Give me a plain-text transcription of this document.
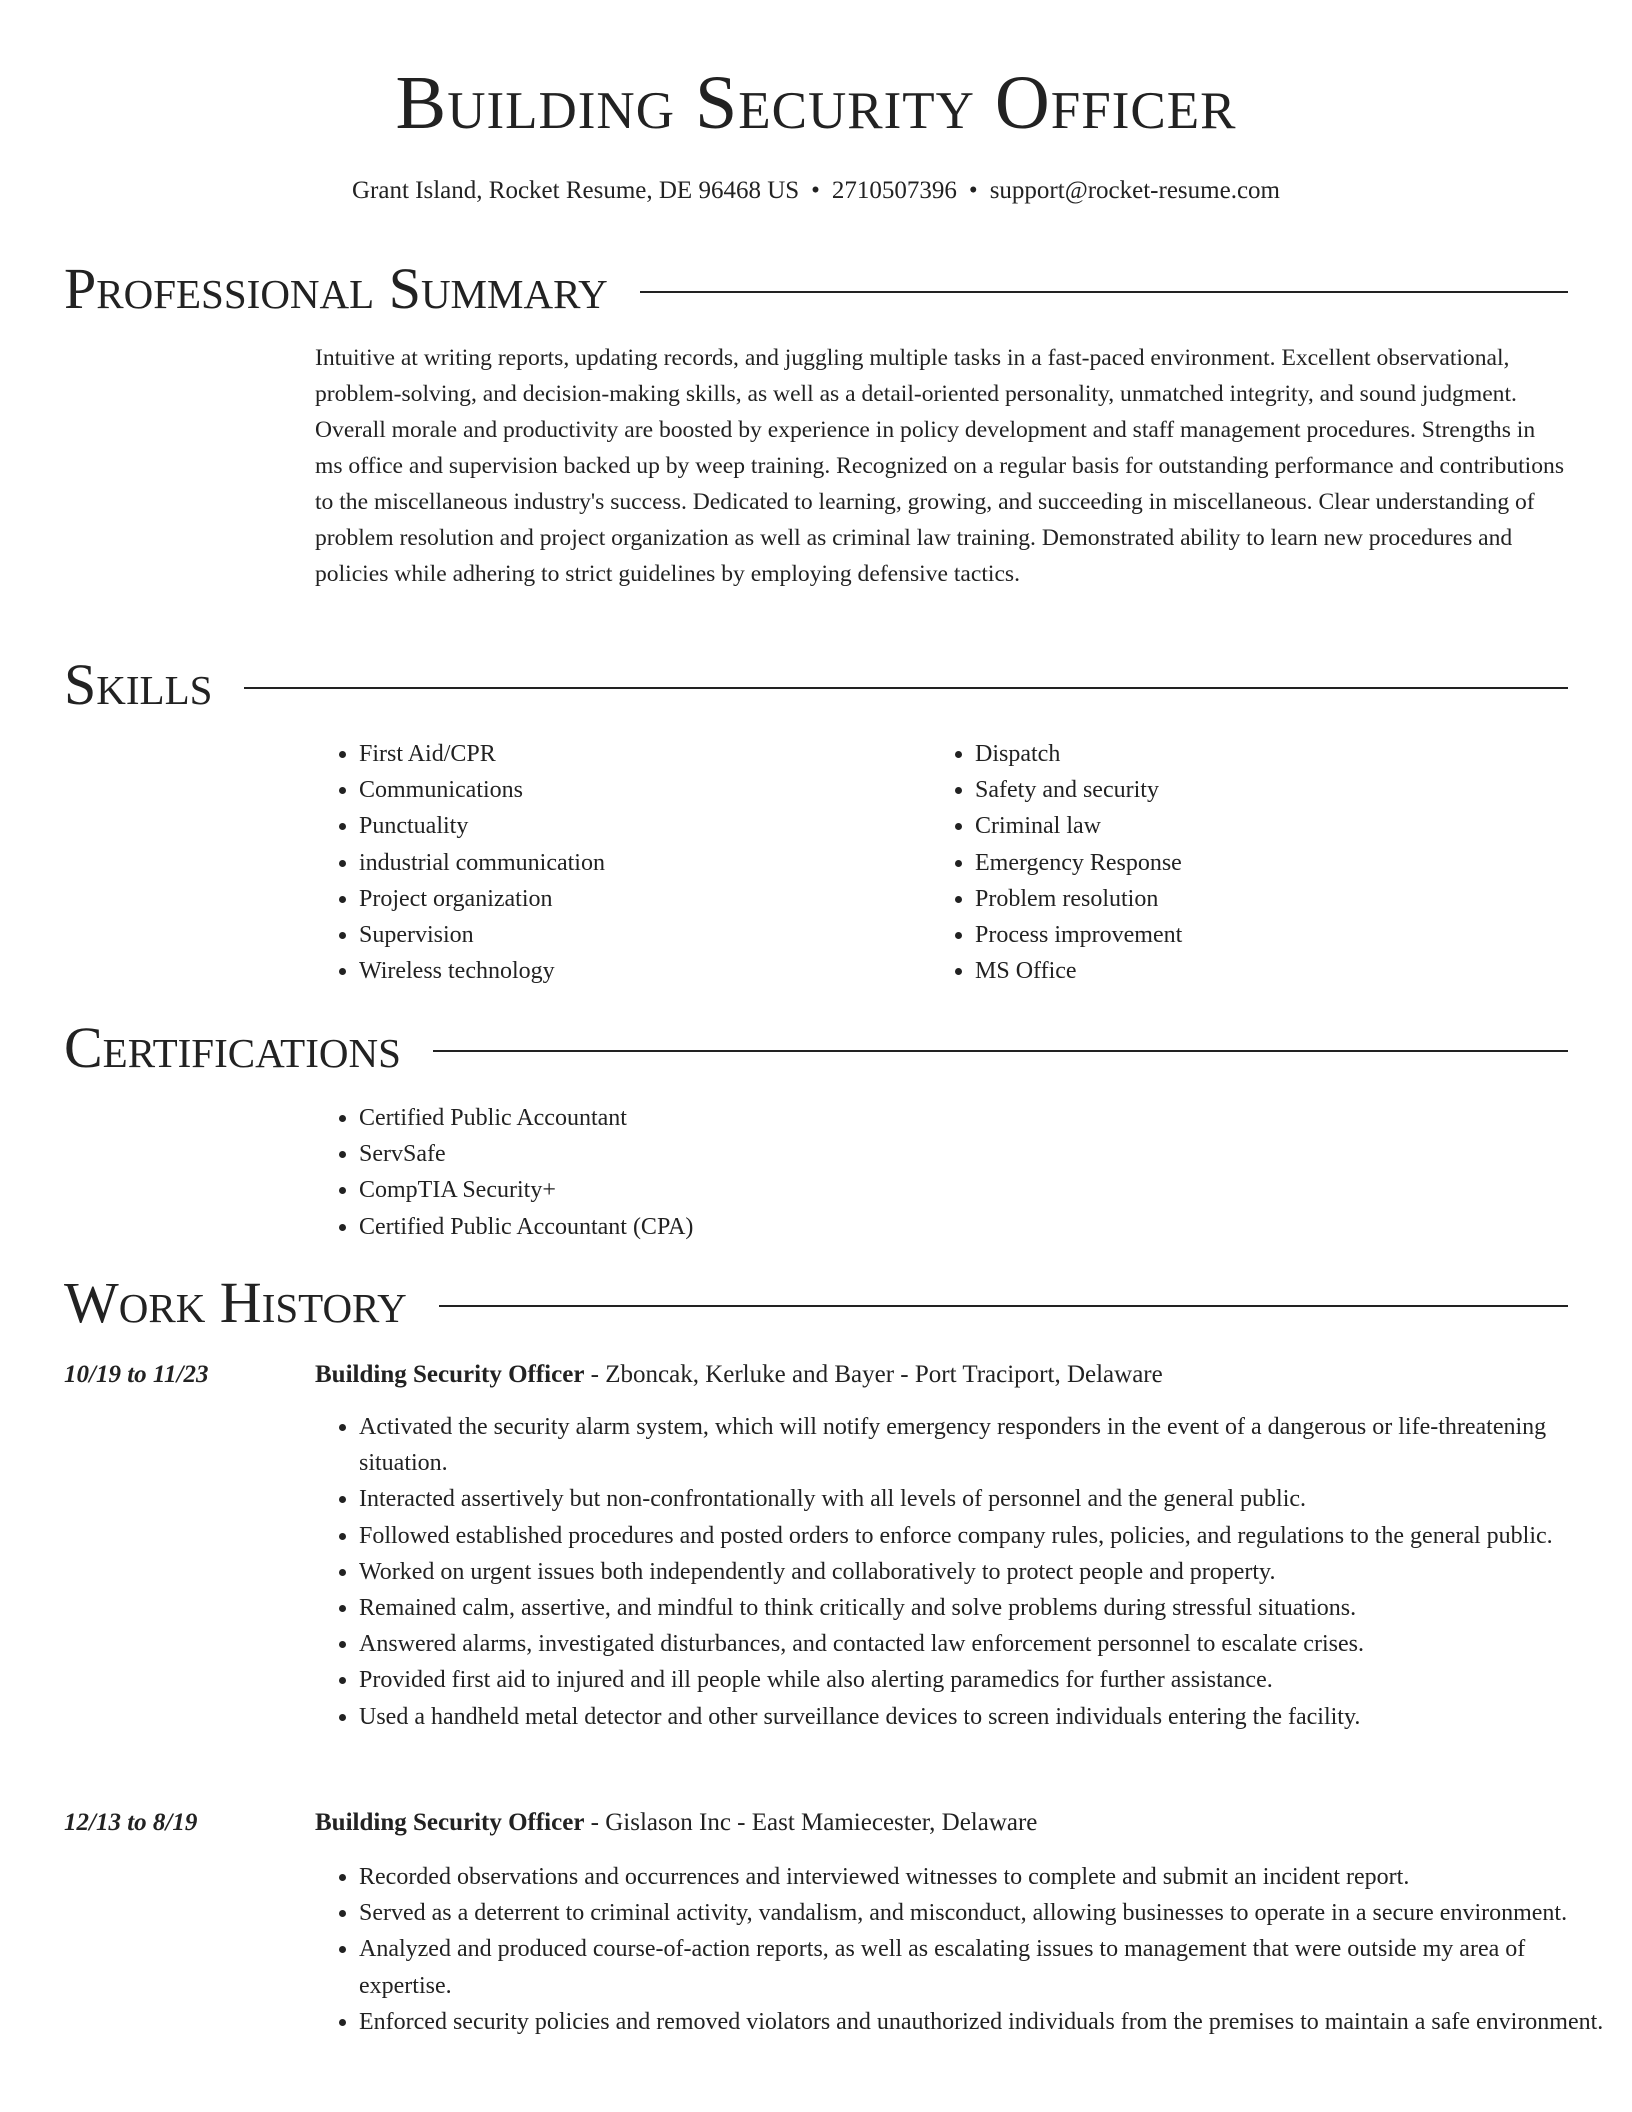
Building Security Officer
Grant Island, Rocket Resume, DE 96468 US • 2710507396 • support@rocket-resume.com
Professional Summary

Intuitive at writing reports, updating records, and juggling multiple tasks in a fast-paced environment. Excellent observational, problem-solving, and decision-making skills, as well as a detail-oriented personality, unmatched integrity, and sound judgment. Overall morale and productivity are boosted by experience in policy development and staff management procedures. Strengths in ms office and supervision backed up by weep training. Recognized on a regular basis for outstanding performance and contributions to the miscellaneous industry's success. Dedicated to learning, growing, and succeeding in miscellaneous. Clear understanding of problem resolution and project organization as well as criminal law training. Demonstrated ability to learn new procedures and policies while adhering to strict guidelines by employing defensive tactics.

Skills
• First Aid/CPR
• Communications
• Punctuality
• industrial communication
• Project organization
• Supervision
• Wireless technology
• Dispatch
• Safety and security
• Criminal law
• Emergency Response
• Problem resolution
• Process improvement
• MS Office
Certifications
• Certified Public Accountant
• ServSafe
• CompTIA Security+
• Certified Public Accountant (CPA)
Work History
10/19 to 11/23	Building Security Officer - Zboncak, Kerluke and Bayer - Port Traciport, Delaware
• Activated the security alarm system, which will notify emergency responders in the event of a dangerous or life-threatening situation.
• Interacted assertively but non-confrontationally with all levels of personnel and the general public.
• Followed established procedures and posted orders to enforce company rules, policies, and regulations to the general public.
• Worked on urgent issues both independently and collaboratively to protect people and property.
• Remained calm, assertive, and mindful to think critically and solve problems during stressful situations.
• Answered alarms, investigated disturbances, and contacted law enforcement personnel to escalate crises.
• Provided first aid to injured and ill people while also alerting paramedics for further assistance.
• Used a handheld metal detector and other surveillance devices to screen individuals entering the facility.
12/13 to 8/19	Building Security Officer - Gislason Inc - East Mamiecester, Delaware
• Recorded observations and occurrences and interviewed witnesses to complete and submit an incident report.
• Served as a deterrent to criminal activity, vandalism, and misconduct, allowing businesses to operate in a secure environment.
• Analyzed and produced course-of-action reports, as well as escalating issues to management that were outside my area of expertise.
• Enforced security policies and removed violators and unauthorized individuals from the premises to maintain a safe environment.
